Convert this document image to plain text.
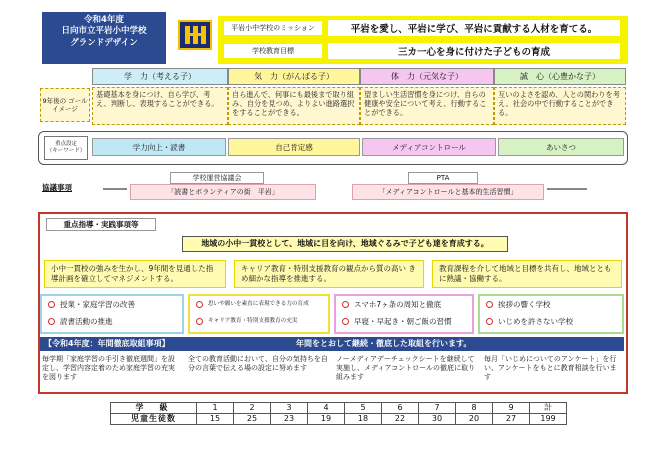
令和4年度
日向市立平岩小中学校
グランドデザイン
平岩小中学校のミッション	平岩を愛し、平岩に学び、平岩に貢献する人材を育てる。
学校教育目標	三カ一心を身に付けた子どもの育成
9年後の ゴールイメージ
学　力（考える子）	気　力（がんばる子）	体　力（元気な子）	誠　心（心豊かな子）
基礎基本を身につけ、自ら学び、考え、判断し、表現することができる。
自ら進んで、何事にも最後まで取り組み、自分を見つめ、よりよい進路選択をすることができる。
望ましい生活習慣を身につけ、自らの健康や安全について考え、行動することができる。
互いのよさを認め、人との関わりを考え、社会の中で行動することができる。
重点設定
（キーワード）	学力向上・読書	自己肯定感	メディアコントロール	あいさつ
協議事項
学校運営協議会
「読書とボランティアの街　平岩」
PTA
「メディアコントロールと基本的生活習慣」
重点指導・実践事項等
地域の小中一貫校として、地域に目を向け、地域ぐるみで子ども達を育成する。
小中一貫校の強みを生かし、9年間を見通した指導計画を確立してマネジメントする。
キャリア教育・特別支援教育の観点から質の高い きめ細かな指導を推進する。
教育課程を介して地域と目標を共有し、地域とともに熟議・協働する。
授業・家庭学習の改善
読書活動の推進
思いや願いを素直に表現できる力の育成
キャリア教育・特別支援教育の充実
スマホ7ヶ条の周知と徹底
早寝・早起き・朝ご飯の習慣
挨拶の響く学校
いじめを許さない学校
【令和4年度：年間徹底取組事項】	年間をとおして継続・徹底した取組を行います。
毎学期「家庭学習の手引き徹底週間」を設定し、学習内容定着のため家庭学習の充実を図ります
全ての教育活動において、自分の気持ちを自分の言葉で伝える場の設定に努めます
ノーメディアデーチェックシートを継続して実施し、メディアコントロールの徹底に取り組みます
毎月「いじめについてのアンケート」を行い、アンケートをもとに教育相談を行います
学　級	1	2	3	4	5	6	7	8	9	計
児童生徒数	15	25	23	19	18	22	30	20	27	199
